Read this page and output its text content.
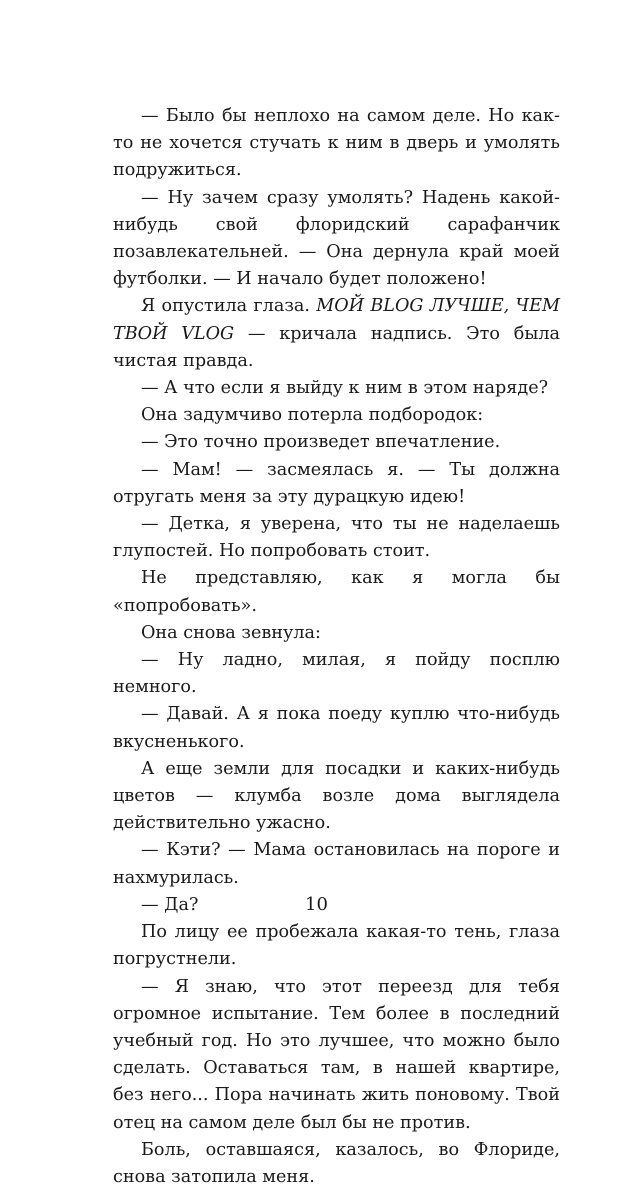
— Было бы неплохо на самом деле. Но как-то не хочется стучать к ним в дверь и умолять подружиться.

— Ну зачем сразу умолять? Надень какой-нибудь свой флоридский сарафанчик позавлекательней. — Она дернула край моей футболки. — И начало будет положено!

Я опустила глаза. МОЙ BLOG ЛУЧШЕ, ЧЕМ ТВОЙ VLOG — кричала надпись. Это была чистая правда.

— А что если я выйду к ним в этом наряде?

Она задумчиво потерла подбородок:

— Это точно произведет впечатление.

— Мам! — засмеялась я. — Ты должна отругать меня за эту дурацкую идею!

— Детка, я уверена, что ты не наделаешь глупостей. Но попробовать стоит.

Не представляю, как я могла бы «попробовать».

Она снова зевнула:

— Ну ладно, милая, я пойду посплю немного.

— Давай. А я пока поеду куплю что-нибудь вкусненького.

А еще земли для посадки и каких-нибудь цветов — клумба возле дома выглядела действительно ужасно.

— Кэти? — Мама остановилась на пороге и нахмурилась.

— Да?

По лицу ее пробежала какая-то тень, глаза погрустнели.

— Я знаю, что этот переезд для тебя огромное испытание. Тем более в последний учебный год. Но это лучшее, что можно было сделать. Оставаться там, в нашей квартире, без него... Пора начинать жить поновому. Твой отец на самом деле был бы не против.

Боль, оставшаяся, казалось, во Флориде, снова затопила меня.

10
